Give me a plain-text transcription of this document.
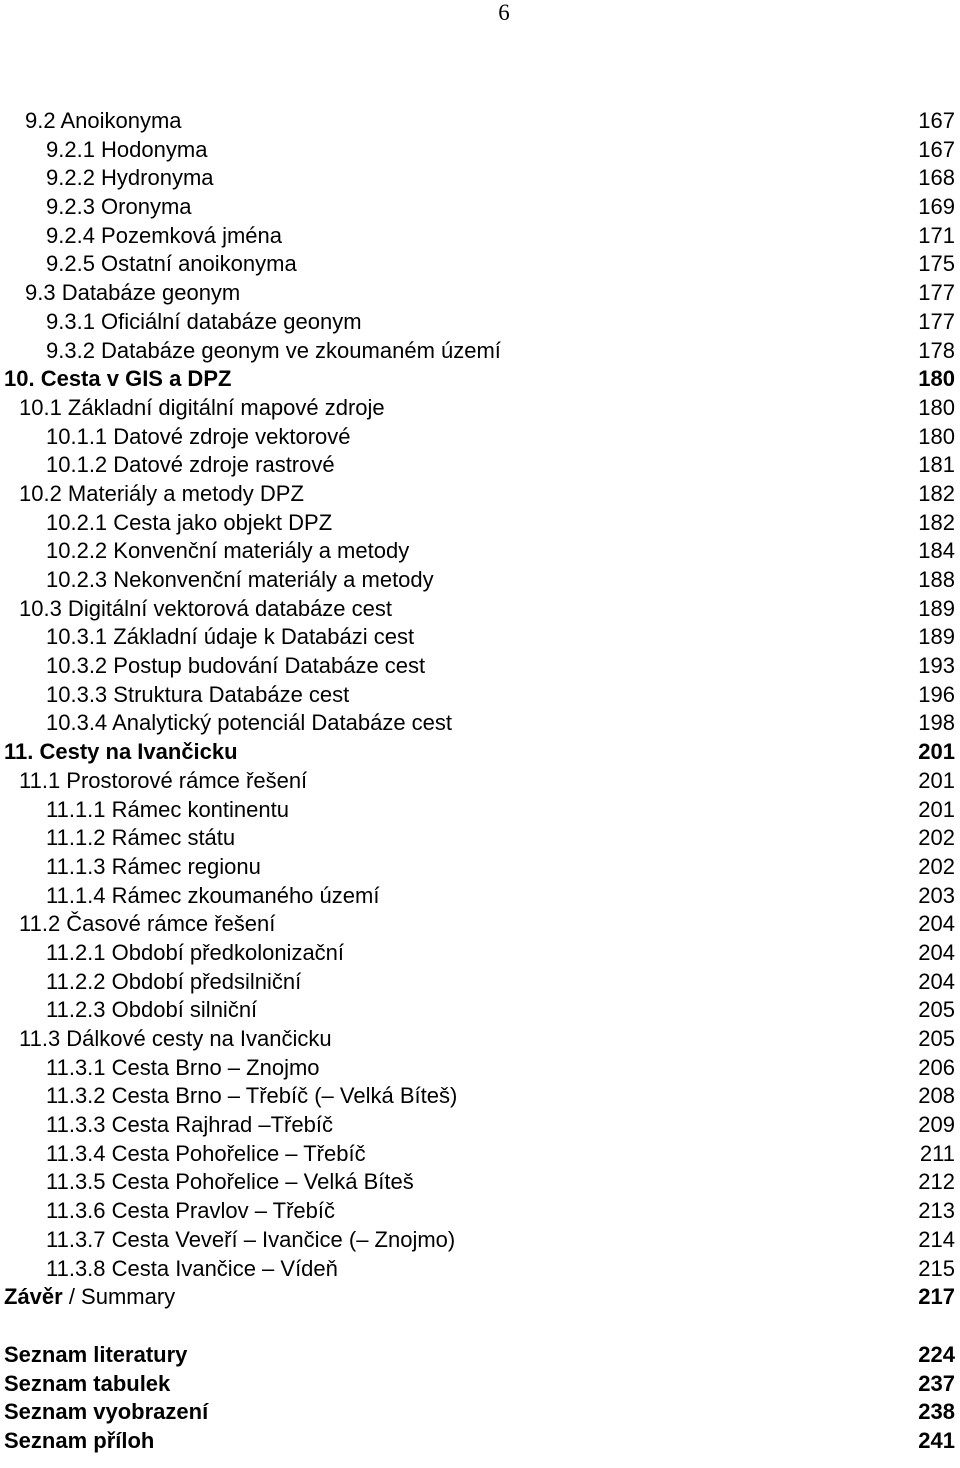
6
9.2 Anoikonyma	167
9.2.1 Hodonyma	167
9.2.2 Hydronyma	168
9.2.3 Oronyma	169
9.2.4 Pozemková jména	171
9.2.5 Ostatní anoikonyma	175
9.3 Databáze geonym	177
9.3.1 Oficiální databáze geonym	177
9.3.2 Databáze geonym ve zkoumaném území	178
10. Cesta v GIS a DPZ	180
10.1 Základní digitální mapové zdroje	180
10.1.1 Datové zdroje vektorové	180
10.1.2 Datové zdroje rastrové	181
10.2 Materiály a metody DPZ	182
10.2.1 Cesta jako objekt DPZ	182
10.2.2 Konvenční materiály a metody	184
10.2.3 Nekonvenční materiály a metody	188
10.3 Digitální vektorová databáze cest	189
10.3.1 Základní údaje k Databázi cest	189
10.3.2 Postup budování Databáze cest	193
10.3.3 Struktura Databáze cest	196
10.3.4 Analytický potenciál Databáze cest	198
11. Cesty na Ivančicku	201
11.1 Prostorové rámce řešení	201
11.1.1 Rámec kontinentu	201
11.1.2 Rámec státu	202
11.1.3 Rámec regionu	202
11.1.4 Rámec zkoumaného území	203
11.2 Časové rámce řešení	204
11.2.1 Období předkolonizační	204
11.2.2 Období předsilniční	204
11.2.3 Období silniční	205
11.3 Dálkové cesty na Ivančicku	205
11.3.1 Cesta Brno – Znojmo	206
11.3.2 Cesta Brno – Třebíč (– Velká Bíteš)	208
11.3.3 Cesta Rajhrad –Třebíč	209
11.3.4 Cesta Pohořelice – Třebíč	211
11.3.5 Cesta Pohořelice – Velká Bíteš	212
11.3.6 Cesta Pravlov – Třebíč	213
11.3.7 Cesta Veveří – Ivančice (– Znojmo)	214
11.3.8 Cesta Ivančice – Vídeň	215
Závěr / Summary	217
Seznam literatury	224
Seznam tabulek	237
Seznam vyobrazení	238
Seznam příloh	241
